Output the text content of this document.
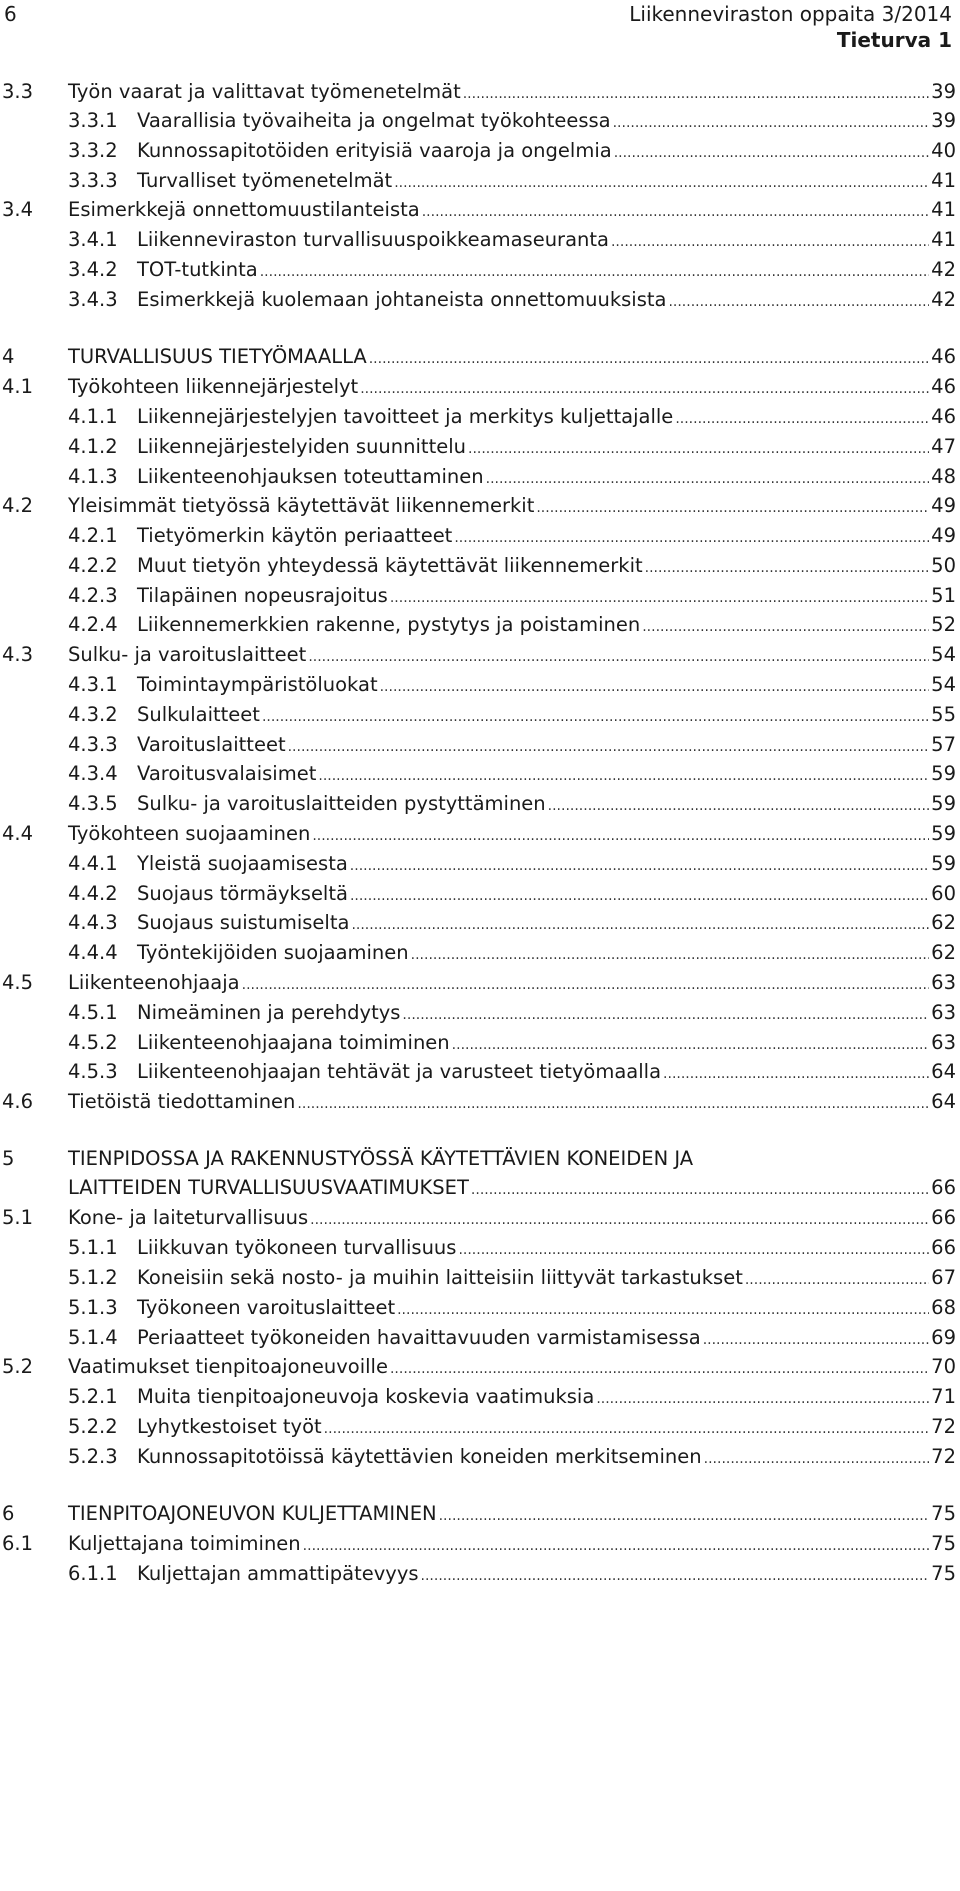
6	Liikenneviraston oppaita 3/2014
Tieturva 1
3.3 Työn vaarat ja valittavat työmenetelmät .....	39
3.3.1 Vaarallisia työvaiheita ja ongelmat työkohteessa .....	39
3.3.2 Kunnossapitotöiden erityisiä vaaroja ja ongelmia .....	40
3.3.3 Turvalliset työmenetelmät .....	41
3.4 Esimerkkejä onnettomuustilanteista .....	41
3.4.1 Liikenneviraston turvallisuuspoikkeamaseuranta .....	41
3.4.2 TOT-tutkinta .....	42
3.4.3 Esimerkkejä kuolemaan johtaneista onnettomuuksista .....	42
4	TURVALLISUUS TIETYÖMAALLA .....	46
4.1 Työkohteen liikennejärjestelyt .....	46
4.1.1 Liikennejärjestelyjen tavoitteet ja merkitys kuljettajalle .....	46
4.1.2 Liikennejärjestelyiden suunnittelu .....	47
4.1.3 Liikenteenohjauksen toteuttaminen .....	48
4.2 Yleisimmät tietyössä käytettävät liikennemerkit .....	49
4.2.1 Tietyömerkin käytön periaatteet .....	49
4.2.2 Muut tietyön yhteydessä käytettävät liikennemerkit .....	50
4.2.3 Tilapäinen nopeusrajoitus .....	51
4.2.4 Liikennemerkkien rakenne, pystytys ja poistaminen .....	52
4.3 Sulku- ja varoituslaitteet .....	54
4.3.1 Toimintaympäristöluokat .....	54
4.3.2 Sulkulaitteet .....	55
4.3.3 Varoituslaitteet .....	57
4.3.4 Varoitusvalaisimet .....	59
4.3.5 Sulku- ja varoituslaitteiden pystyttäminen .....	59
4.4 Työkohteen suojaaminen .....	59
4.4.1 Yleistä suojaamisesta .....	59
4.4.2 Suojaus törmäykseltä .....	60
4.4.3 Suojaus suistumiselta .....	62
4.4.4 Työntekijöiden suojaaminen .....	62
4.5 Liikenteenohjaaja .....	63
4.5.1 Nimeäminen ja perehdytys .....	63
4.5.2 Liikenteenohjaajana toimiminen .....	63
4.5.3 Liikenteenohjaajan tehtävät ja varusteet tietyömaalla .....	64
4.6 Tietöistä tiedottaminen .....	64
5	TIENPIDOSSA JA RAKENNUSTYÖSSÄ KÄYTETTÄVIEN KONEIDEN JA
LAITTEIDEN TURVALLISUUSVAATIMUKSET .....	66
5.1 Kone- ja laiteturvallisuus .....	66
5.1.1 Liikkuvan työkoneen turvallisuus .....	66
5.1.2 Koneisiin sekä nosto- ja muihin laitteisiin liittyvät tarkastukset .....	67
5.1.3 Työkoneen varoituslaitteet .....	68
5.1.4 Periaatteet työkoneiden havaittavuuden varmistamisessa .....	69
5.2 Vaatimukset tienpitoajoneuvoille .....	70
5.2.1 Muita tienpitoajoneuvoja koskevia vaatimuksia .....	71
5.2.2 Lyhytkestoiset työt .....	72
5.2.3 Kunnossapitotöissä käytettävien koneiden merkitseminen .....	72
6	TIENPITOAJONEUVON KULJETTAMINEN .....	75
6.1 Kuljettajana toimiminen .....	75
6.1.1 Kuljettajan ammattipätevyys .....	75
